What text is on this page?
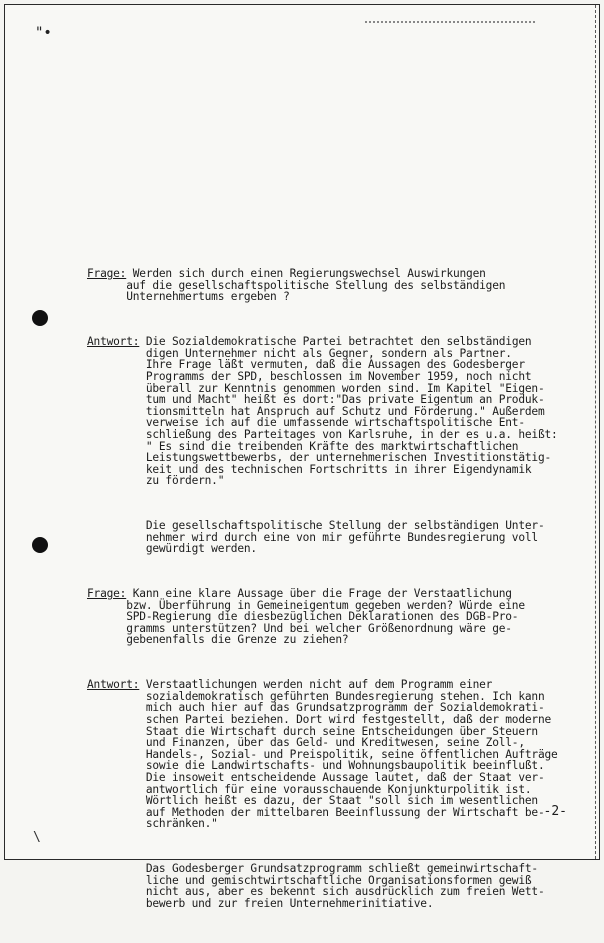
"•

Frage: Werden sich durch einen Regierungswechsel Auswirkungen
auf die gesellschaftspolitische Stellung des selbständigen
Unternehmertums ergeben ?

Antwort: Die Sozialdemokratische Partei betrachtet den selbständigen
digen Unternehmer nicht als Gegner, sondern als Partner.
Ihre Frage läßt vermuten, daß die Aussagen des Godesberger
Programms der SPD, beschlossen im November 1959, noch nicht
überall zur Kenntnis genommen worden sind. Im Kapitel "Eigen-
tum und Macht" heißt es dort:"Das private Eigentum an Produk-
tionsmitteln hat Anspruch auf Schutz und Förderung." Außerdem
verweise ich auf die umfassende wirtschaftspolitische Ent-
schließung des Parteitages von Karlsruhe, in der es u.a. heißt:
" Es sind die treibenden Kräfte des marktwirtschaftlichen
Leistungswettbewerbs, der unternehmerischen Investitionstätig-
keit und des technischen Fortschritts in ihrer Eigendynamik
zu fördern."

Die gesellschaftspolitische Stellung der selbständigen Unter-
nehmer wird durch eine von mir geführte Bundesregierung voll
gewürdigt werden.

Frage: Kann eine klare Aussage über die Frage der Verstaatlichung
bzw. Überführung in Gemeineigentum gegeben werden? Würde eine
SPD-Regierung die diesbezüglichen Deklarationen des DGB-Pro-
gramms unterstützen? Und bei welcher Größenordnung wäre ge-
gebenenfalls die Grenze zu ziehen?

Antwort: Verstaatlichungen werden nicht auf dem Programm einer
sozialdemokratisch geführten Bundesregierung stehen. Ich kann
mich auch hier auf das Grundsatzprogramm der Sozialdemokrati-
schen Partei beziehen. Dort wird festgestellt, daß der moderne
Staat die Wirtschaft durch seine Entscheidungen über Steuern
und Finanzen, über das Geld- und Kreditwesen, seine Zoll-,
Handels-, Sozial- und Preispolitik, seine öffentlichen Aufträge
sowie die Landwirtschafts- und Wohnungsbaupolitik beeinflußt.
Die insoweit entscheidende Aussage lautet, daß der Staat ver-
antwortlich für eine vorausschauende Konjunkturpolitik ist.
Wörtlich heißt es dazu, der Staat "soll sich im wesentlichen
auf Methoden der mittelbaren Beeinflussung der Wirtschaft be-
schränken."

Das Godesberger Grundsatzprogramm schließt gemeinwirtschaft-
liche und gemischtwirtschaftliche Organisationsformen gewiß
nicht aus, aber es bekennt sich ausdrücklich zum freien Wett-
bewerb und zur freien Unternehmerinitiative.

-2-
\
